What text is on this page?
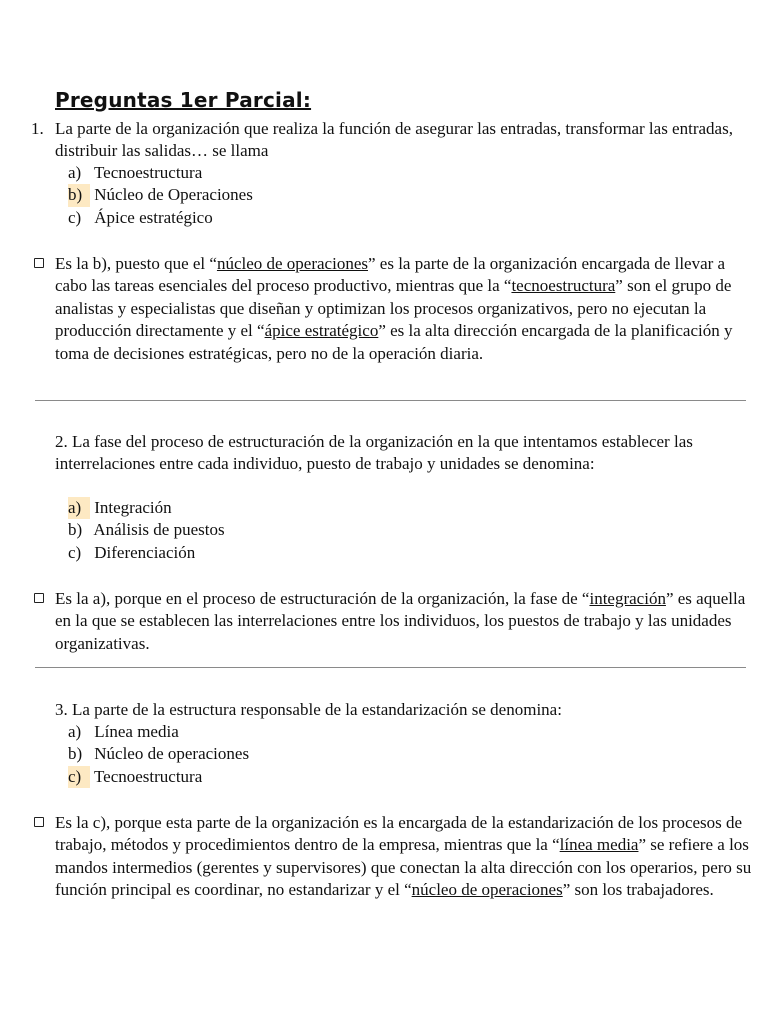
Preguntas 1er Parcial:
1. La parte de la organización que realiza la función de asegurar las entradas, transformar las entradas, distribuir las salidas… se llama
a) Tecnoestructura
b) Núcleo de Operaciones
c) Ápice estratégico
Es la b), puesto que el “núcleo de operaciones” es la parte de la organización encargada de llevar a cabo las tareas esenciales del proceso productivo, mientras que la “tecnoestructura” son el grupo de analistas y especialistas que diseñan y optimizan los procesos organizativos, pero no ejecutan la producción directamente y el “ápice estratégico” es la alta dirección encargada de la planificación y toma de decisiones estratégicas, pero no de la operación diaria.
2. La fase del proceso de estructuración de la organización en la que intentamos establecer las interrelaciones entre cada individuo, puesto de trabajo y unidades se denomina:
a) Integración
b) Análisis de puestos
c) Diferenciación
Es la a), porque en el proceso de estructuración de la organización, la fase de “integración” es aquella en la que se establecen las interrelaciones entre los individuos, los puestos de trabajo y las unidades organizativas.
3. La parte de la estructura responsable de la estandarización se denomina:
a) Línea media
b) Núcleo de operaciones
c) Tecnoestructura
Es la c), porque esta parte de la organización es la encargada de la estandarización de los procesos de trabajo, métodos y procedimientos dentro de la empresa, mientras que la “línea media” se refiere a los mandos intermedios (gerentes y supervisores) que conectan la alta dirección con los operarios, pero su función principal es coordinar, no estandarizar y el “núcleo de operaciones” son los trabajadores.
